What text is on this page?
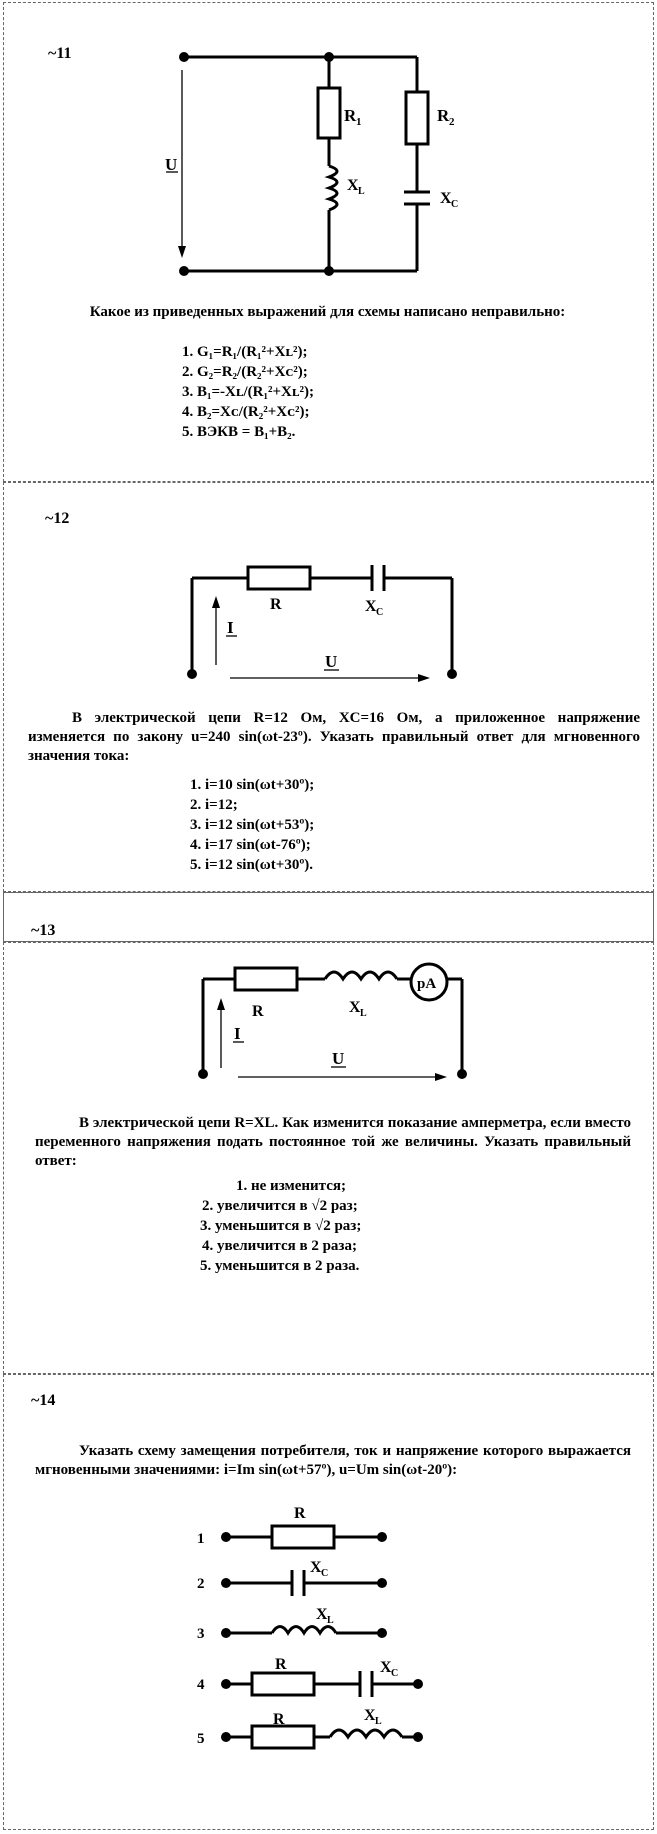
~11
U
R 1	R 2
X L	X C
Какое из приведенных выражений для схемы написано неправильно:
1. G₁=R₁/(R₁²+Xʟ²);
2. G₂=R₂/(R₂²+Xᴄ²);
3. B₁=-Xʟ/(R₁²+Xʟ²);
4. B₂=Xᴄ/(R₂²+Xᴄ²);
5. BЭКВ = B₁+B₂.
~12
I
U
R	X C
В электрической цепи R=12 Ом, XC=16 Ом, а приложенное напряжение изменяется по закону u=240 sin(ωt-23º). Указать правильный ответ для мгновенного значения тока:
1. i=10 sin(ωt+30º);
2. i=12;
3. i=12 sin(ωt+53º);
4. i=17 sin(ωt-76º);
5. i=12 sin(ωt+30º).
~13
pA
I
U
R	X L
В электрической цепи R=XL. Как изменится показание амперметра, если вместо переменного напряжения подать постоянное той же величины. Указать правильный ответ:
1. не изменится;
2. увеличится в √2 раз;
3. уменьшится в √2 раз;
4. увеличится в 2 раза;
5. уменьшится в 2 раза.
~14
Указать схему замещения потребителя, ток и напряжение которого выражается мгновенными значениями: i=Im sin(ωt+57º), u=Um sin(ωt-20º):
1
R
2
X C
3
X L
4
R	X C
5
R	X L
